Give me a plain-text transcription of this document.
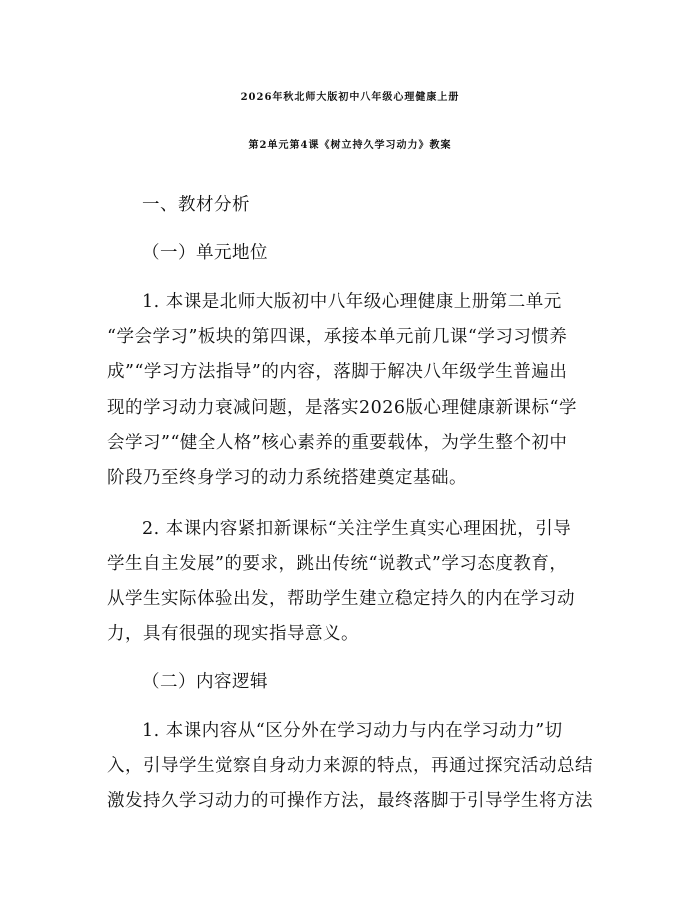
2026年秋北师大版初中八年级心理健康上册
第2单元第4课《树立持久学习动力》教案

一、教材分析

（一）单元地位

1. 本课是北师大版初中八年级心理健康上册第二单元

“学会学习”板块的第四课，承接本单元前几课“学习习惯养

成”“学习方法指导”的内容，落脚于解决八年级学生普遍出

现的学习动力衰减问题，是落实2026版心理健康新课标“学

会学习”“健全人格”核心素养的重要载体，为学生整个初中

阶段乃至终身学习的动力系统搭建奠定基础。

2. 本课内容紧扣新课标“关注学生真实心理困扰，引导

学生自主发展”的要求，跳出传统“说教式”学习态度教育，

从学生实际体验出发，帮助学生建立稳定持久的内在学习动

力，具有很强的现实指导意义。

（二）内容逻辑

1. 本课内容从“区分外在学习动力与内在学习动力”切

入，引导学生觉察自身动力来源的特点，再通过探究活动总结

激发持久学习动力的可操作方法，最终落脚于引导学生将方法
